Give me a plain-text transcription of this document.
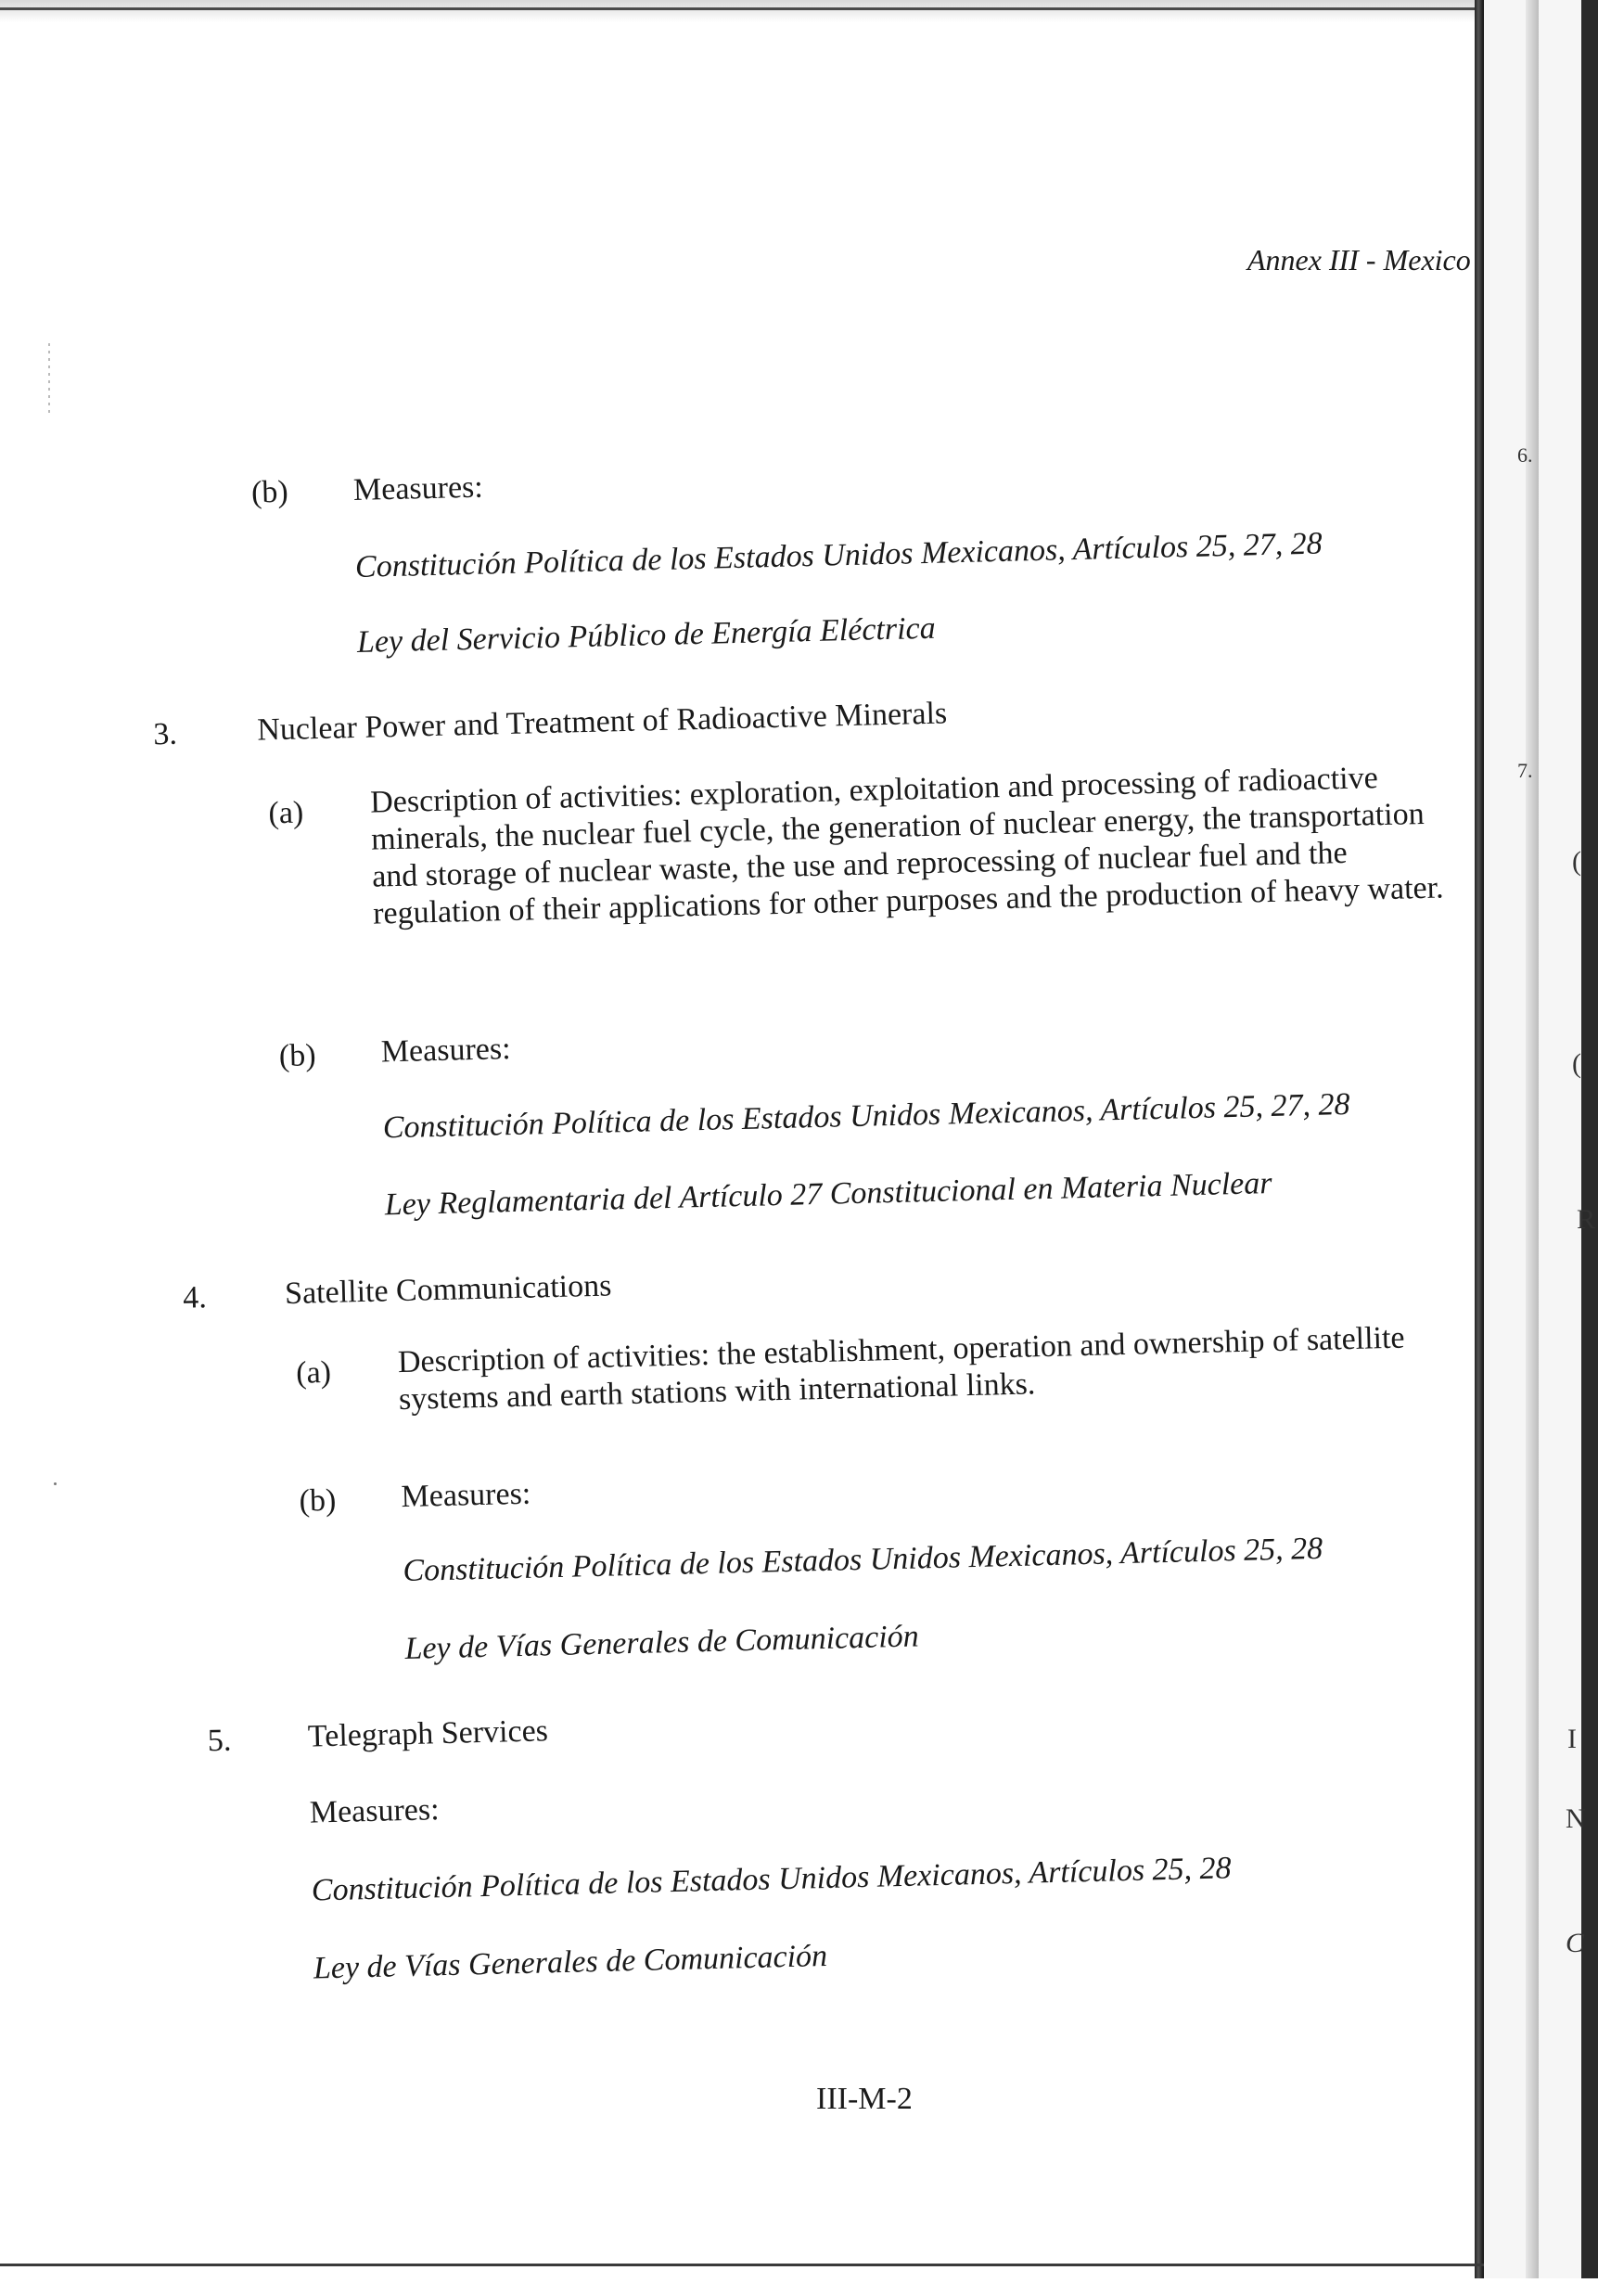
6.
7.
R
I
N
C
(
(
Annex III - Mexico
(b) Measures:
Constitución Política de los Estados Unidos Mexicanos, Artículos 25, 27, 28
Ley del Servicio Público de Energía Eléctrica
3.	Nuclear Power and Treatment of Radioactive Minerals
(a) Description of activities: exploration, exploitation and processing of radioactive minerals, the nuclear fuel cycle, the generation of nuclear energy, the transportation and storage of nuclear waste, the use and reprocessing of nuclear fuel and the regulation of their applications for other purposes and the production of heavy water.
(b) Measures:
Constitución Política de los Estados Unidos Mexicanos, Artículos 25, 27, 28
Ley Reglamentaria del Artículo 27 Constitucional en Materia Nuclear
4. Satellite Communications
(a) Description of activities: the establishment, operation and ownership of satellite systems and earth stations with international links.
(b) Measures:
Constitución Política de los Estados Unidos Mexicanos, Artículos 25, 28
Ley de Vías Generales de Comunicación
5. Telegraph Services
Measures:
Constitución Política de los Estados Unidos Mexicanos, Artículos 25, 28
Ley de Vías Generales de Comunicación
III-M-2
